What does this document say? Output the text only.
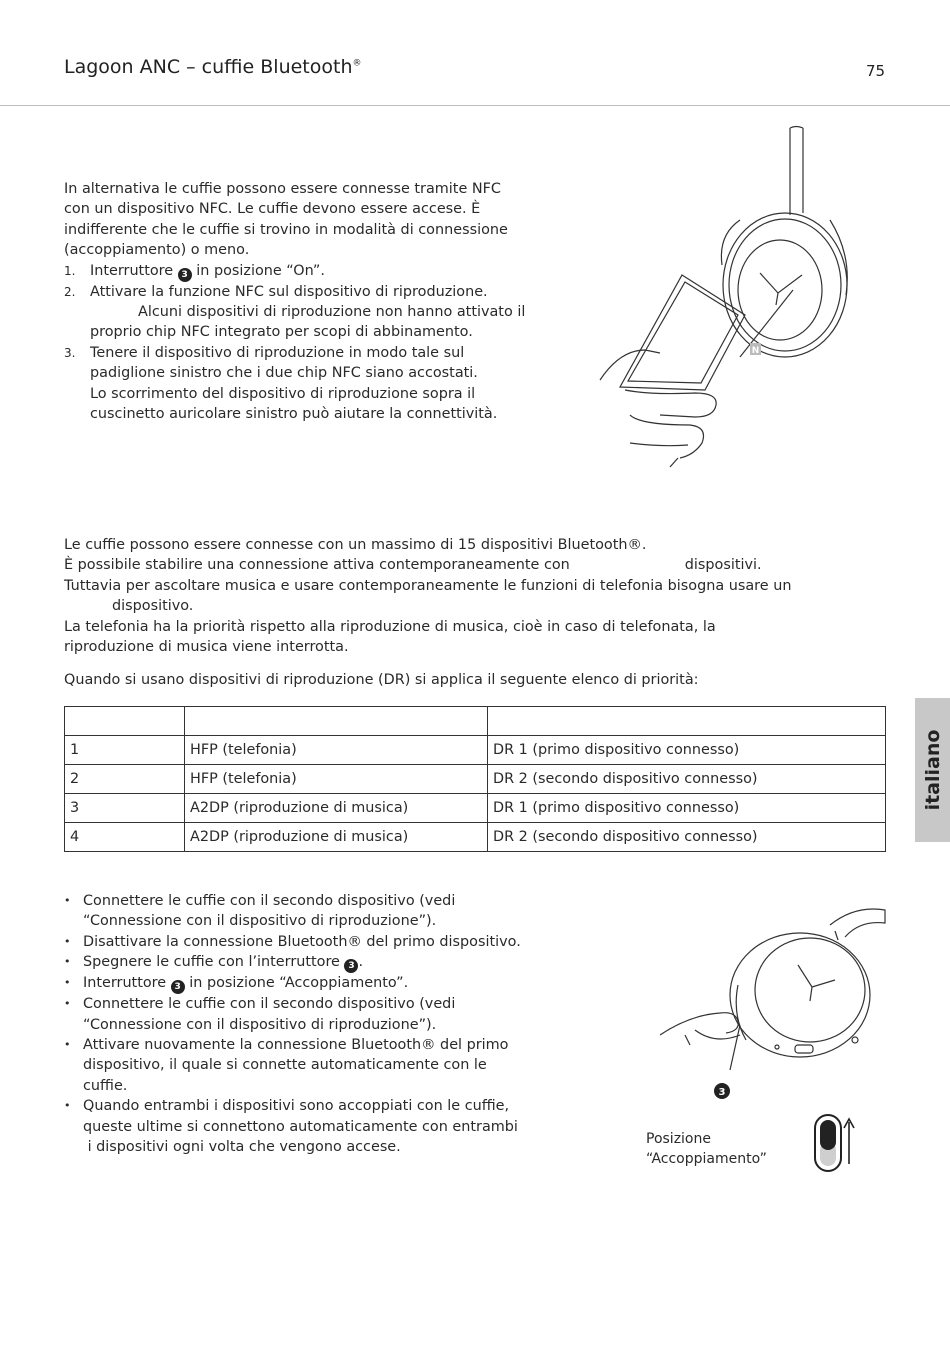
Lagoon ANC – cuffie Bluetooth®	75
In alternativa le cuffie possono essere connesse tramite NFC
con un dispositivo NFC. Le cuffie devono essere accese. È
indifferente che le cuffie si trovino in modalità di connessione
(accoppiamento) o meno.
1. Interruttore 3 in posizione “On”.
2. Attivare la funzione NFC sul dispositivo di riproduzione.
Alcuni dispositivi di riproduzione non hanno attivato il
proprio chip NFC integrato per scopi di abbinamento.
3. Tenere il dispositivo di riproduzione in modo tale sul
padiglione sinistro che i due chip NFC siano accostati.
Lo scorrimento del dispositivo di riproduzione sopra il
cuscinetto auricolare sinistro può aiutare la connettività.
N
Le cuffie possono essere connesse con un massimo di 15 dispositivi Bluetooth®.
È possibile stabilire una connessione attiva contemporaneamente con	dispositivi.
Tuttavia per ascoltare musica e usare contemporaneamente le funzioni di telefonia bisogna usare un
dispositivo.
La telefonia ha la priorità rispetto alla riproduzione di musica, cioè in caso di telefonata, la
riproduzione di musica viene interrotta.
Quando si usano dispositivi di riproduzione (DR) si applica il seguente elenco di priorità:

1	HFP (telefonia)	DR 1 (primo dispositivo connesso)
2	HFP (telefonia)	DR 2 (secondo dispositivo connesso)
3	A2DP (riproduzione di musica)	DR 1 (primo dispositivo connesso)
4	A2DP (riproduzione di musica)	DR 2 (secondo dispositivo connesso)
italiano
• Connettere le cuffie con il secondo dispositivo (vedi
“Connessione con il dispositivo di riproduzione”).
• Disattivare la connessione Bluetooth® del primo dispositivo.
• Spegnere le cuffie con l’interruttore 3 .
• Interruttore 3 in posizione “Accoppiamento”.
• Connettere le cuffie con il secondo dispositivo (vedi
“Connessione con il dispositivo di riproduzione”).
• Attivare nuovamente la connessione Bluetooth® del primo
dispositivo, il quale si connette automaticamente con le
cuffie.
• Quando entrambi i dispositivi sono accoppiati con le cuffie,
queste ultime si connettono automaticamente con entrambi
i dispositivi ogni volta che vengono accese.
3
Posizione
“Accoppiamento”
